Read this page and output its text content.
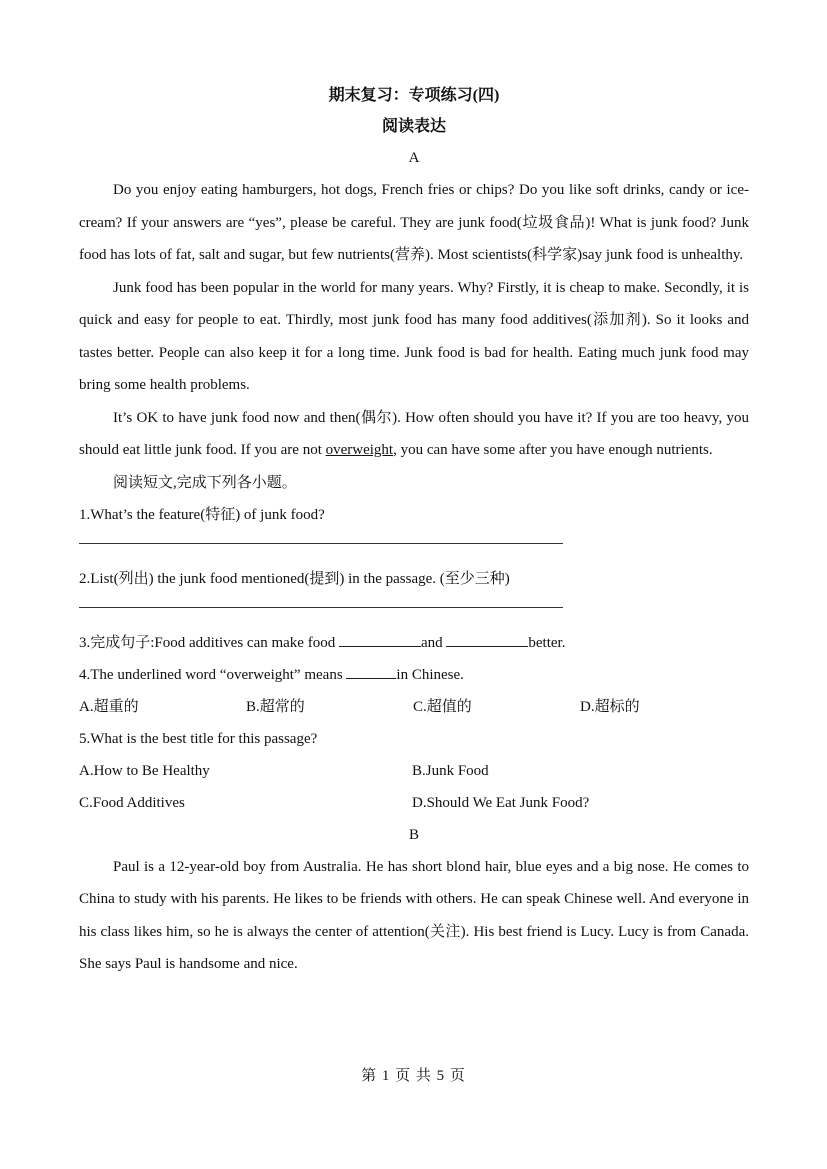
期末复习：专项练习(四)
阅读表达
A

Do you enjoy eating hamburgers, hot dogs, French fries or chips? Do you like soft drinks, candy or ice-cream? If your answers are “yes”, please be careful. They are junk food(垃圾食品)! What is junk food? Junk food has lots of fat, salt and sugar, but few nutrients(营养). Most scientists(科学家)say junk food is unhealthy.

Junk food has been popular in the world for many years. Why? Firstly, it is cheap to make. Secondly, it is quick and easy for people to eat. Thirdly, most junk food has many food additives(添加剂). So it looks and tastes better. People can also keep it for a long time. Junk food is bad for health. Eating much junk food may bring some health problems.

It’s OK to have junk food now and then(偶尔). How often should you have it? If you are too heavy, you should eat little junk food. If you are not overweight, you can have some after you have enough nutrients.

阅读短文,完成下列各小题。

1.What’s the feature(特征) of junk food?

2.List(列出) the junk food mentioned(提到) in the passage. (至少三种)

3.完成句子:Food additives can make food	and	better.

4.The underlined word “overweight” means	in Chinese.

A.超重的	B.超常的	C.超值的	D.超标的

5.What is the best title for this passage?

A.How to Be Healthy	B.Junk Food
C.Food Additives	D.Should We Eat Junk Food?
B

Paul is a 12-year-old boy from Australia. He has short blond hair, blue eyes and a big nose. He comes to China to study with his parents. He likes to be friends with others. He can speak Chinese well. And everyone in his class likes him, so he is always the center of attention(关注). His best friend is Lucy. Lucy is from Canada. She says Paul is handsome and nice.

第 1 页 共 5 页
